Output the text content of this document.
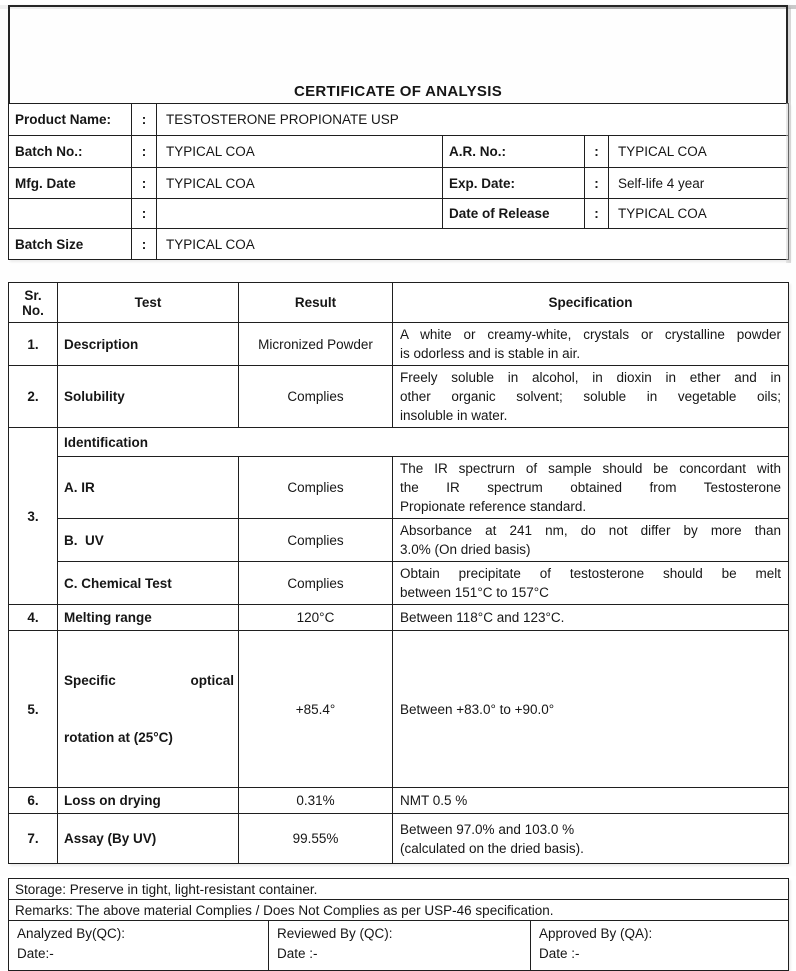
CERTIFICATE OF ANALYSIS
Product Name:	:	TESTOSTERONE PROPIONATE USP			
Batch No.:	:	TYPICAL COA	A.R. No.:	:	TYPICAL COA
Mfg. Date	:	TYPICAL COA	Exp. Date:	:	Self-life 4 year
	:		Date of Release	:	TYPICAL COA
Batch Size	:	TYPICAL COA			
Sr.
No.	Test	Result	Specification
1.	Description	Micronized Powder	A white or creamy-white, crystals or crystalline powder
is odorless and is stable in air.

2.	Solubility	Complies	Freely soluble in alcohol, in dioxin in ether and in
other organic solvent; soluble in vegetable oils;
insoluble in water.

3.	Identification		
	A. IR	Complies	The IR spectrurn of sample should be concordant with
the IR spectrum obtained from Testosterone
Propionate reference standard.

	B.  UV	Complies	Absorbance at 241 nm, do not differ by more than
3.0% (On dried basis)

	C. Chemical Test	Complies	Obtain precipitate of testosterone should be melt
between 151°C to 157°C

4.	Melting range	120°C	Between 118°C and 123°C.

5.	Specific optical

rotation at (25°C)	+85.4°	Between +83.0° to +90.0°

6.	Loss on drying	0.31%	NMT 0.5 %

7.	Assay (By UV)	99.55%	Between 97.0% and 103.0 %
(calculated on the dried basis).
Storage: Preserve in tight, light-resistant container.
Remarks: The above material Complies / Does Not Complies as per USP-46 specification.

Analyzed By(QC):
Date:-

Reviewed By (QC):
Date :-

Approved By (QA):
Date :-
